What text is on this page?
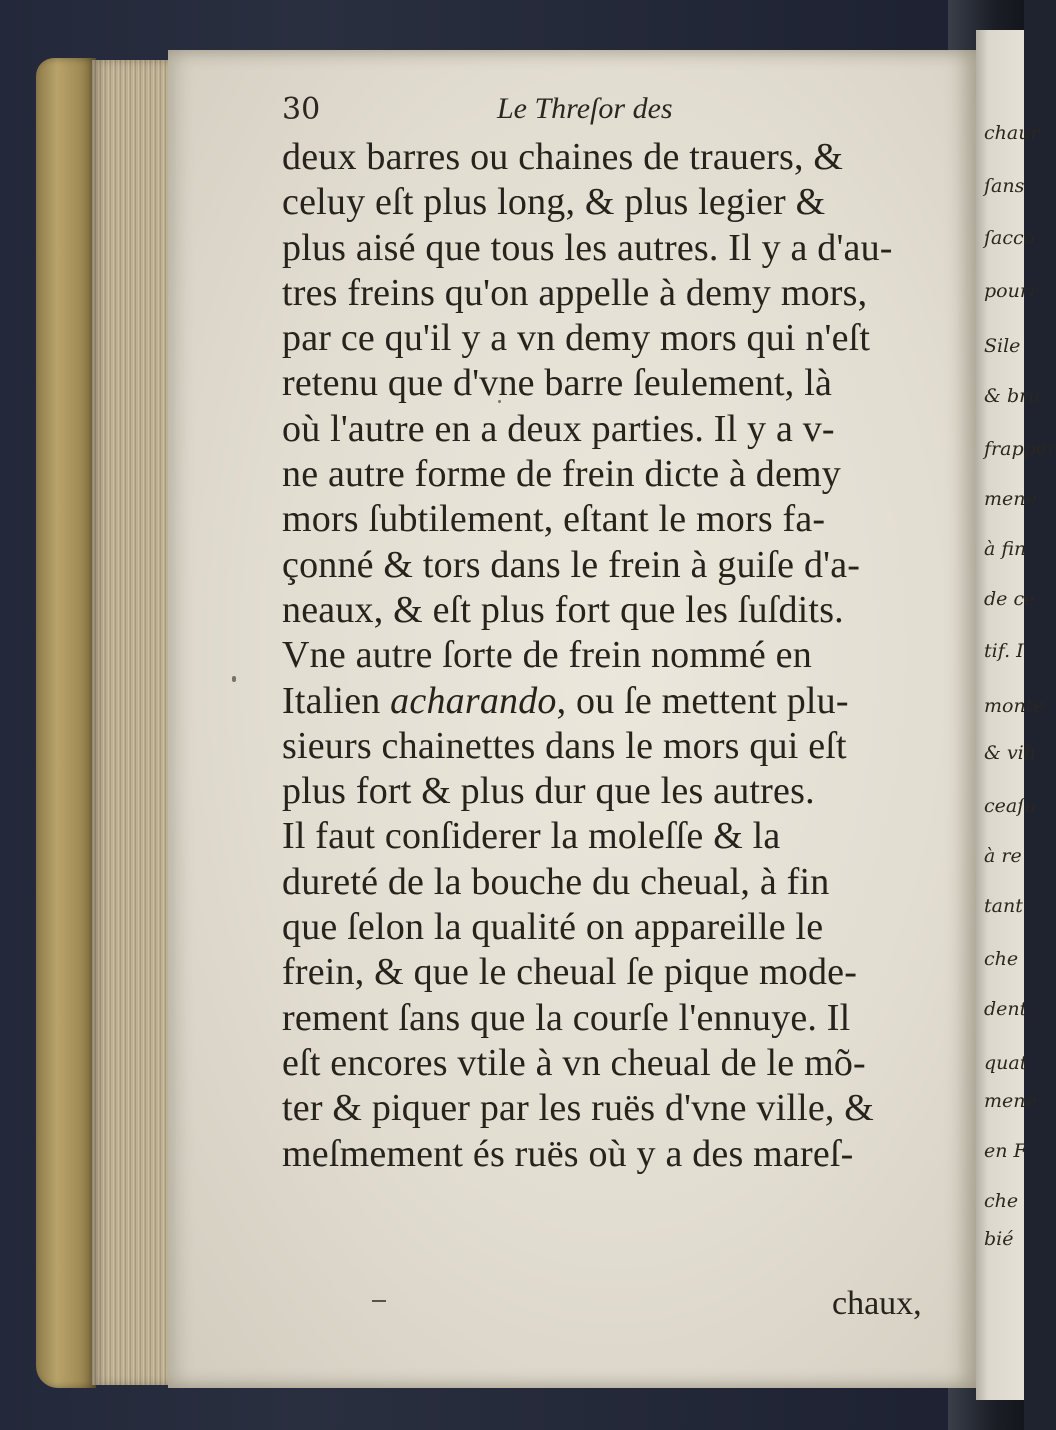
chaur
ſans
ſacco
pourr
Sile
& bru
frapper
mene
à fin
de ce
tif. I
monte
& vih
ceaſu
à re
tant
che
dent
quat
mene
en F
che
bié
30	Le Threſor des
deux barres ou chaines de trauers, &
celuy eſt plus long, & plus legier &
plus aisé que tous les autres. Il y a d'au-
tres freins qu'on appelle à demy mors,
par ce qu'il y a vn demy mors qui n'eſt
retenu que d'vne barre ſeulement, là
où l'autre en a deux parties. Il y a v-
ne autre forme de frein dicte à demy
mors ſubtilement, eſtant le mors fa-
çonné & tors dans le frein à guiſe d'a-
neaux, & eſt plus fort que les ſuſdits.
Vne autre ſorte de frein nommé en
Italien acharando, ou ſe mettent plu-
sieurs chainettes dans le mors qui eſt
plus fort & plus dur que les autres.
Il faut conſiderer la moleſſe & la
dureté de la bouche du cheual, à fin
que ſelon la qualité on appareille le
frein, & que le cheual ſe pique mode-
rement ſans que la courſe l'ennuye. Il
eſt encores vtile à vn cheual de le mõ-
ter & piquer par les ruës d'vne ville, &
meſmement és ruës où y a des mareſ-
chaux,
